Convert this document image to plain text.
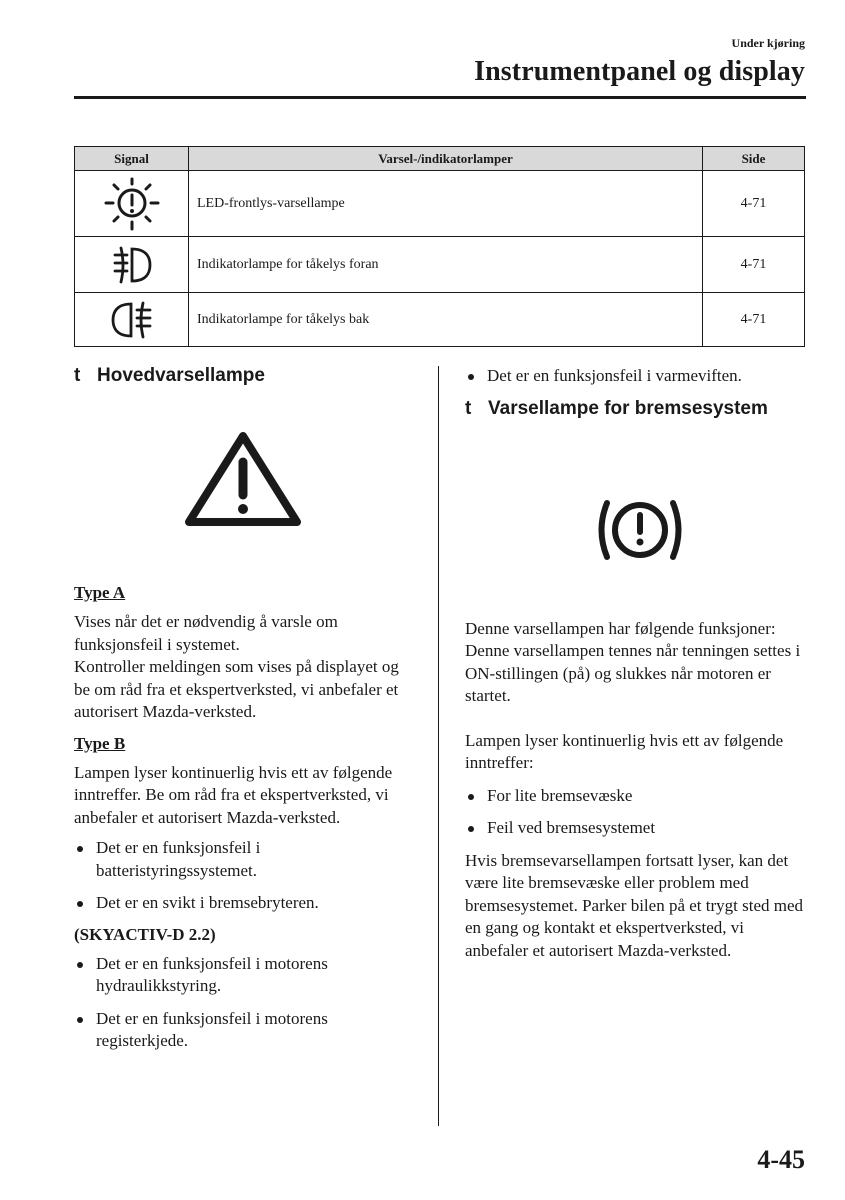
Under kjøring
Instrumentpanel og display
Signal	Varsel-/indikatorlamper	Side

	LED-frontlys-varsellampe	4-71

	Indikatorlampe for tåkelys foran	4-71

	Indikatorlampe for tåkelys bak	4-71
t Hovedvarsellampe
Type A

Vises når det er nødvendig å varsle om funksjonsfeil i systemet.

Kontroller meldingen som vises på displayet og be om råd fra et ekspertverksted, vi anbefaler et autorisert Mazda-verksted.

Type B

Lampen lyser kontinuerlig hvis ett av følgende inntreffer. Be om råd fra et ekspertverksted, vi anbefaler et autorisert Mazda-verksted.

Det er en funksjonsfeil i batteristyringssystemet.
Det er en svikt i bremsebryteren.
(SKYACTIV-D 2.2)
Det er en funksjonsfeil i motorens hydraulikkstyring.
Det er en funksjonsfeil i motorens registerkjede.
Det er en funksjonsfeil i varmeviften.
t Varsellampe for bremsesystem

Denne varsellampen har følgende funksjoner:

Denne varsellampen tennes når tenningen settes i ON-stillingen (på) og slukkes når motoren er startet.

Lampen lyser kontinuerlig hvis ett av følgende inntreffer:

For lite bremsevæske
Feil ved bremsesystemet

Hvis bremsevarsellampen fortsatt lyser, kan det være lite bremsevæske eller problem med bremsesystemet. Parker bilen på et trygt sted med en gang og kontakt et ekspertverksted, vi anbefaler et autorisert Mazda-verksted.

4-45
